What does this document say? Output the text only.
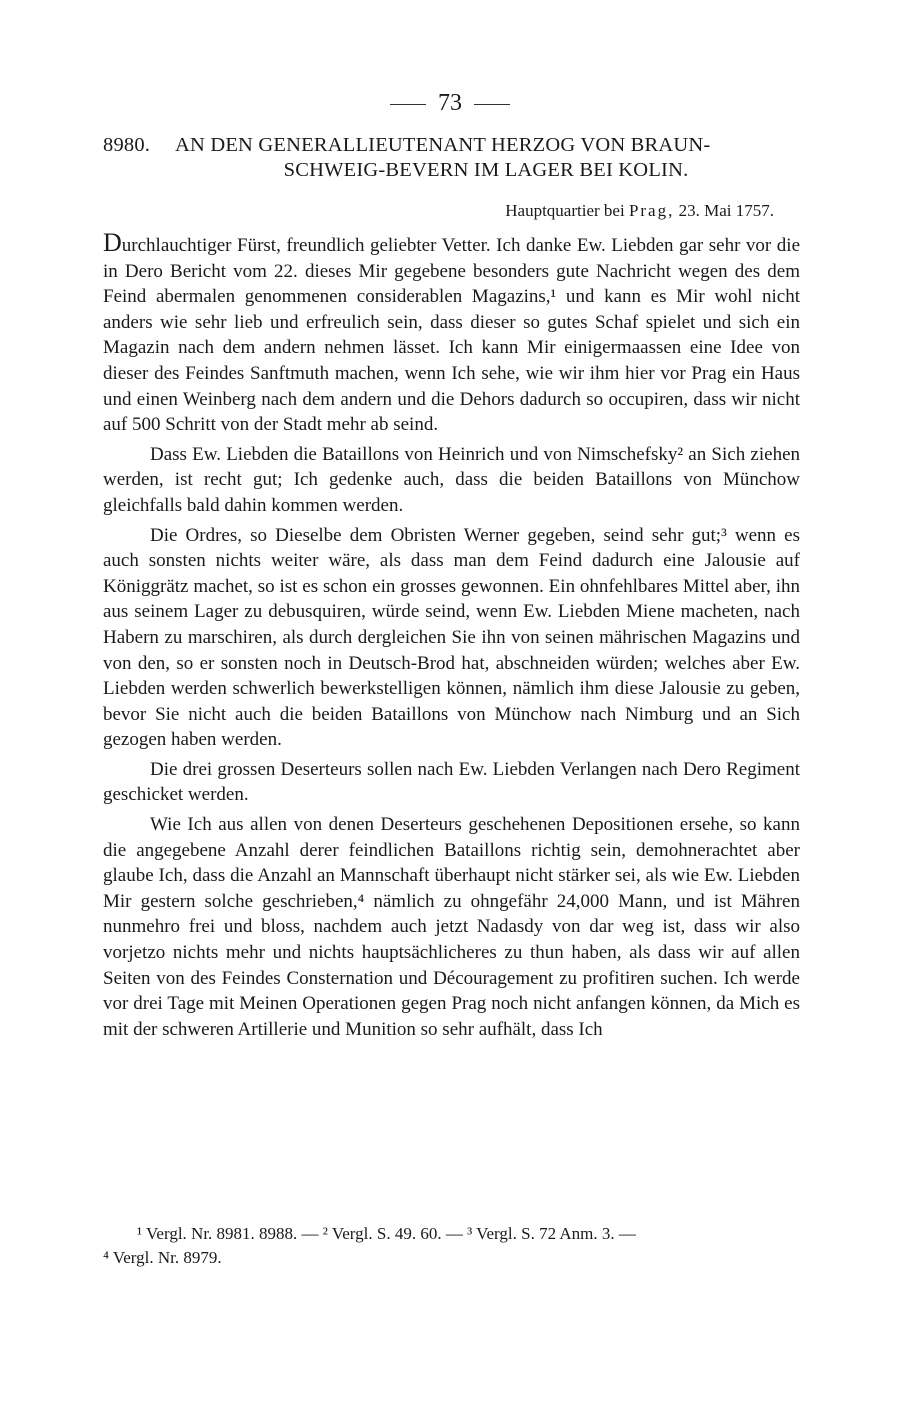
73
8980. AN DEN GENERALLIEUTENANT HERZOG VON BRAUN-
SCHWEIG-BEVERN IM LAGER BEI KOLIN.
Hauptquartier bei Prag, 23. Mai 1757.

Durchlauchtiger Fürst, freundlich geliebter Vetter. Ich danke Ew. Liebden gar sehr vor die in Dero Bericht vom 22. dieses Mir gegebene besonders gute Nachricht wegen des dem Feind abermalen genommenen considerablen Magazins,¹ und kann es Mir wohl nicht anders wie sehr lieb und erfreulich sein, dass dieser so gutes Schaf spielet und sich ein Magazin nach dem andern nehmen lässet. Ich kann Mir einigermaassen eine Idee von dieser des Feindes Sanftmuth machen, wenn Ich sehe, wie wir ihm hier vor Prag ein Haus und einen Weinberg nach dem andern und die Dehors dadurch so occupiren, dass wir nicht auf 500 Schritt von der Stadt mehr ab seind.

Dass Ew. Liebden die Bataillons von Heinrich und von Nimschefsky² an Sich ziehen werden, ist recht gut; Ich gedenke auch, dass die beiden Bataillons von Münchow gleichfalls bald dahin kommen werden.

Die Ordres, so Dieselbe dem Obristen Werner gegeben, seind sehr gut;³ wenn es auch sonsten nichts weiter wäre, als dass man dem Feind dadurch eine Jalousie auf Königgrätz machet, so ist es schon ein grosses gewonnen. Ein ohnfehlbares Mittel aber, ihn aus seinem Lager zu debusquiren, würde seind, wenn Ew. Liebden Miene macheten, nach Habern zu marschiren, als durch dergleichen Sie ihn von seinen mährischen Magazins und von den, so er sonsten noch in Deutsch-Brod hat, abschneiden würden; welches aber Ew. Liebden werden schwerlich bewerkstelligen können, nämlich ihm diese Jalousie zu geben, bevor Sie nicht auch die beiden Bataillons von Münchow nach Nimburg und an Sich gezogen haben werden.

Die drei grossen Deserteurs sollen nach Ew. Liebden Verlangen nach Dero Regiment geschicket werden.

Wie Ich aus allen von denen Deserteurs geschehenen Depositionen ersehe, so kann die angegebene Anzahl derer feindlichen Bataillons richtig sein, demohnerachtet aber glaube Ich, dass die Anzahl an Mannschaft überhaupt nicht stärker sei, als wie Ew. Liebden Mir gestern solche geschrieben,⁴ nämlich zu ohngefähr 24,000 Mann, und ist Mähren nunmehro frei und bloss, nachdem auch jetzt Nadasdy von dar weg ist, dass wir also vorjetzo nichts mehr und nichts hauptsächlicheres zu thun haben, als dass wir auf allen Seiten von des Feindes Consternation und Découragement zu profitiren suchen. Ich werde vor drei Tage mit Meinen Operationen gegen Prag noch nicht anfangen können, da Mich es mit der schweren Artillerie und Munition so sehr aufhält, dass Ich

¹ Vergl. Nr. 8981. 8988. — ² Vergl. S. 49. 60. — ³ Vergl. S. 72 Anm. 3. —
⁴ Vergl. Nr. 8979.
